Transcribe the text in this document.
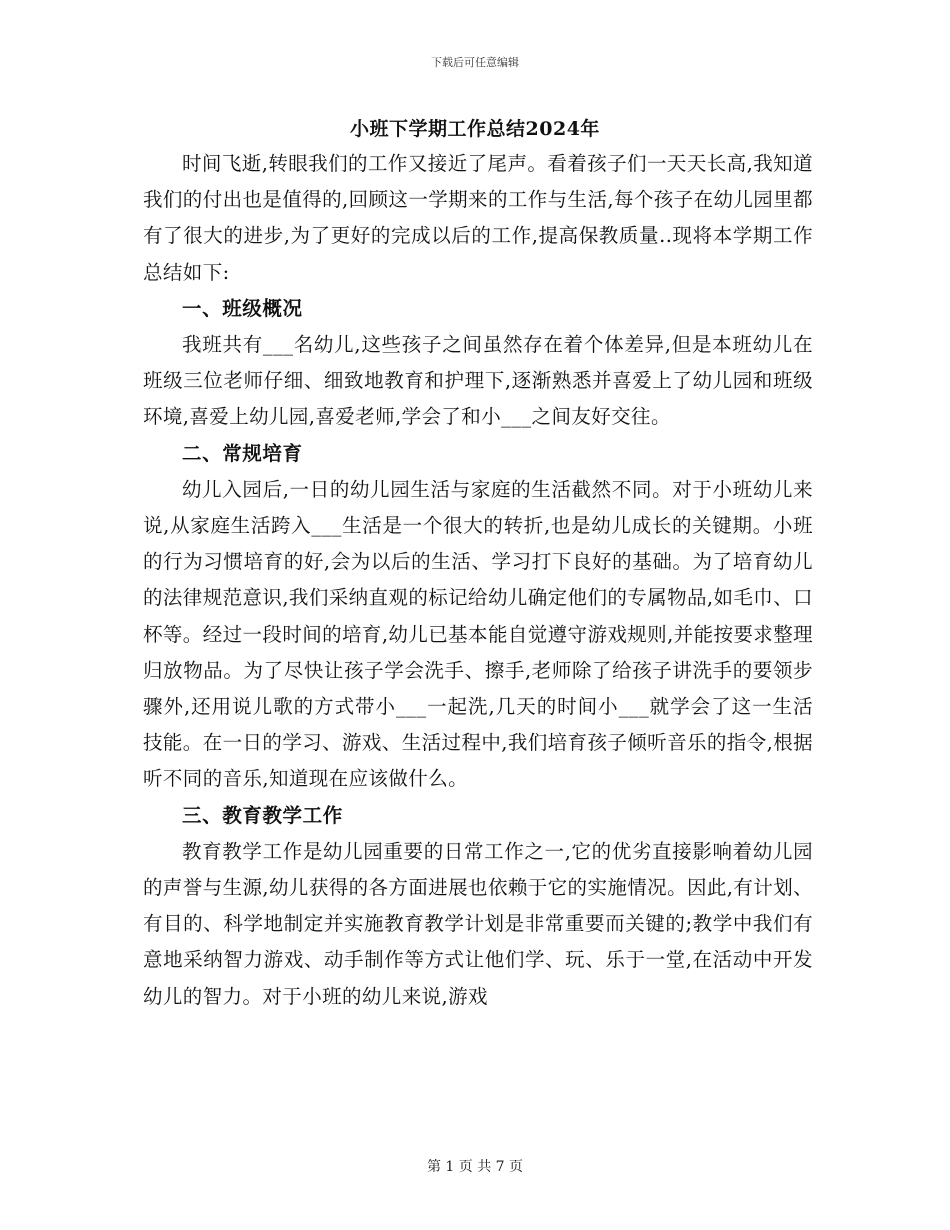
下载后可任意编辑
小班下学期工作总结2024年

时间飞逝,转眼我们的工作又接近了尾声。看着孩子们一天天长高,我知道我们的付出也是值得的,回顾这一学期来的工作与生活,每个孩子在幼儿园里都有了很大的进步,为了更好的完成以后的工作,提高保教质量..现将本学期工作总结如下:

一、班级概况

我班共有___名幼儿,这些孩子之间虽然存在着个体差异,但是本班幼儿在班级三位老师仔细、细致地教育和护理下,逐渐熟悉并喜爱上了幼儿园和班级环境,喜爱上幼儿园,喜爱老师,学会了和小___之间友好交往。

二、常规培育

幼儿入园后,一日的幼儿园生活与家庭的生活截然不同。对于小班幼儿来说,从家庭生活跨入___生活是一个很大的转折,也是幼儿成长的关键期。小班的行为习惯培育的好,会为以后的生活、学习打下良好的基础。为了培育幼儿的法律规范意识,我们采纳直观的标记给幼儿确定他们的专属物品,如毛巾、口杯等。经过一段时间的培育,幼儿已基本能自觉遵守游戏规则,并能按要求整理归放物品。为了尽快让孩子学会洗手、擦手,老师除了给孩子讲洗手的要领步骤外,还用说儿歌的方式带小___一起洗,几天的时间小___就学会了这一生活技能。在一日的学习、游戏、生活过程中,我们培育孩子倾听音乐的指令,根据听不同的音乐,知道现在应该做什么。

三、教育教学工作

教育教学工作是幼儿园重要的日常工作之一,它的优劣直接影响着幼儿园的声誉与生源,幼儿获得的各方面进展也依赖于它的实施情况。因此,有计划、有目的、科学地制定并实施教育教学计划是非常重要而关键的;教学中我们有意地采纳智力游戏、动手制作等方式让他们学、玩、乐于一堂,在活动中开发幼儿的智力。对于小班的幼儿来说,游戏

第 1 页 共 7 页
